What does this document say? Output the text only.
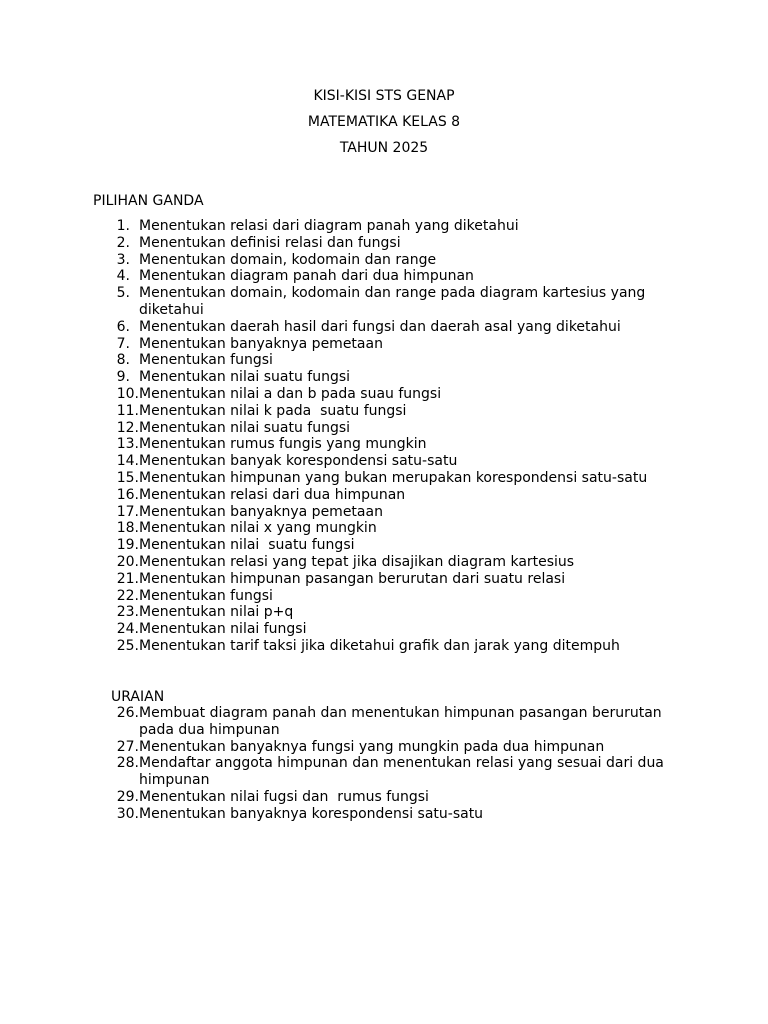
KISI-KISI STS GENAP
MATEMATIKA KELAS 8
TAHUN 2025
PILIHAN GANDA
1. Menentukan relasi dari diagram panah yang diketahui
2. Menentukan definisi relasi dan fungsi
3. Menentukan domain, kodomain dan range
4. Menentukan diagram panah dari dua himpunan
5. Menentukan domain, kodomain dan range pada diagram kartesius yang
diketahui
6. Menentukan daerah hasil dari fungsi dan daerah asal yang diketahui
7. Menentukan banyaknya pemetaan
8. Menentukan fungsi
9. Menentukan nilai suatu fungsi
10. Menentukan nilai a dan b pada suau fungsi
11. Menentukan nilai k pada  suatu fungsi
12. Menentukan nilai suatu fungsi
13. Menentukan rumus fungis yang mungkin
14. Menentukan banyak korespondensi satu-satu
15. Menentukan himpunan yang bukan merupakan korespondensi satu-satu
16. Menentukan relasi dari dua himpunan
17. Menentukan banyaknya pemetaan
18. Menentukan nilai x yang mungkin
19. Menentukan nilai  suatu fungsi
20. Menentukan relasi yang tepat jika disajikan diagram kartesius
21. Menentukan himpunan pasangan berurutan dari suatu relasi
22. Menentukan fungsi
23. Menentukan nilai p+q
24. Menentukan nilai fungsi
25. Menentukan tarif taksi jika diketahui grafik dan jarak yang ditempuh
URAIAN
26. Membuat diagram panah dan menentukan himpunan pasangan berurutan
pada dua himpunan
27. Menentukan banyaknya fungsi yang mungkin pada dua himpunan
28. Mendaftar anggota himpunan dan menentukan relasi yang sesuai dari dua
himpunan
29. Menentukan nilai fugsi dan  rumus fungsi
30. Menentukan banyaknya korespondensi satu-satu
